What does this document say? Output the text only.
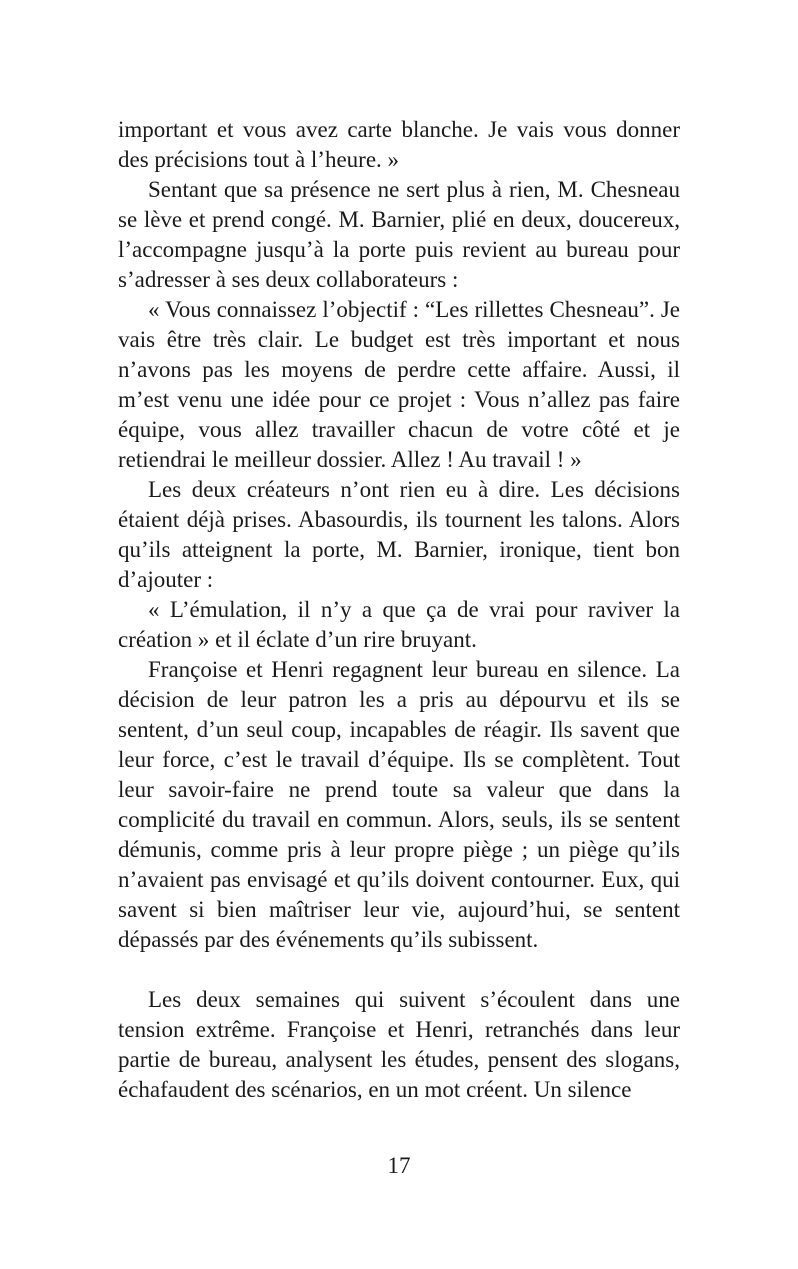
important et vous avez carte blanche. Je vais vous donner des précisions tout à l’heure. »

Sentant que sa présence ne sert plus à rien, M. Chesneau se lève et prend congé. M. Barnier, plié en deux, doucereux, l’accompagne jusqu’à la porte puis revient au bureau pour s’adresser à ses deux collaborateurs :

« Vous connaissez l’objectif : “Les rillettes Chesneau”. Je vais être très clair. Le budget est très important et nous n’avons pas les moyens de perdre cette affaire. Aussi, il m’est venu une idée pour ce projet : Vous n’allez pas faire équipe, vous allez travailler chacun de votre côté et je retiendrai le meilleur dossier. Allez ! Au travail ! »

Les deux créateurs n’ont rien eu à dire. Les décisions étaient déjà prises. Abasourdis, ils tournent les talons. Alors qu’ils atteignent la porte, M. Barnier, ironique, tient bon d’ajouter :

« L’émulation, il n’y a que ça de vrai pour raviver la création » et il éclate d’un rire bruyant.

Françoise et Henri regagnent leur bureau en silence. La décision de leur patron les a pris au dépourvu et ils se sentent, d’un seul coup, incapables de réagir. Ils savent que leur force, c’est le travail d’équipe. Ils se complètent. Tout leur savoir-faire ne prend toute sa valeur que dans la complicité du travail en commun. Alors, seuls, ils se sentent démunis, comme pris à leur propre piège ; un piège qu’ils n’avaient pas envisagé et qu’ils doivent contourner. Eux, qui savent si bien maîtriser leur vie, aujourd’hui, se sentent dépassés par des événements qu’ils subissent.

Les deux semaines qui suivent s’écoulent dans une tension extrême. Françoise et Henri, retranchés dans leur partie de bureau, analysent les études, pensent des slogans, échafaudent des scénarios, en un mot créent. Un silence

17
